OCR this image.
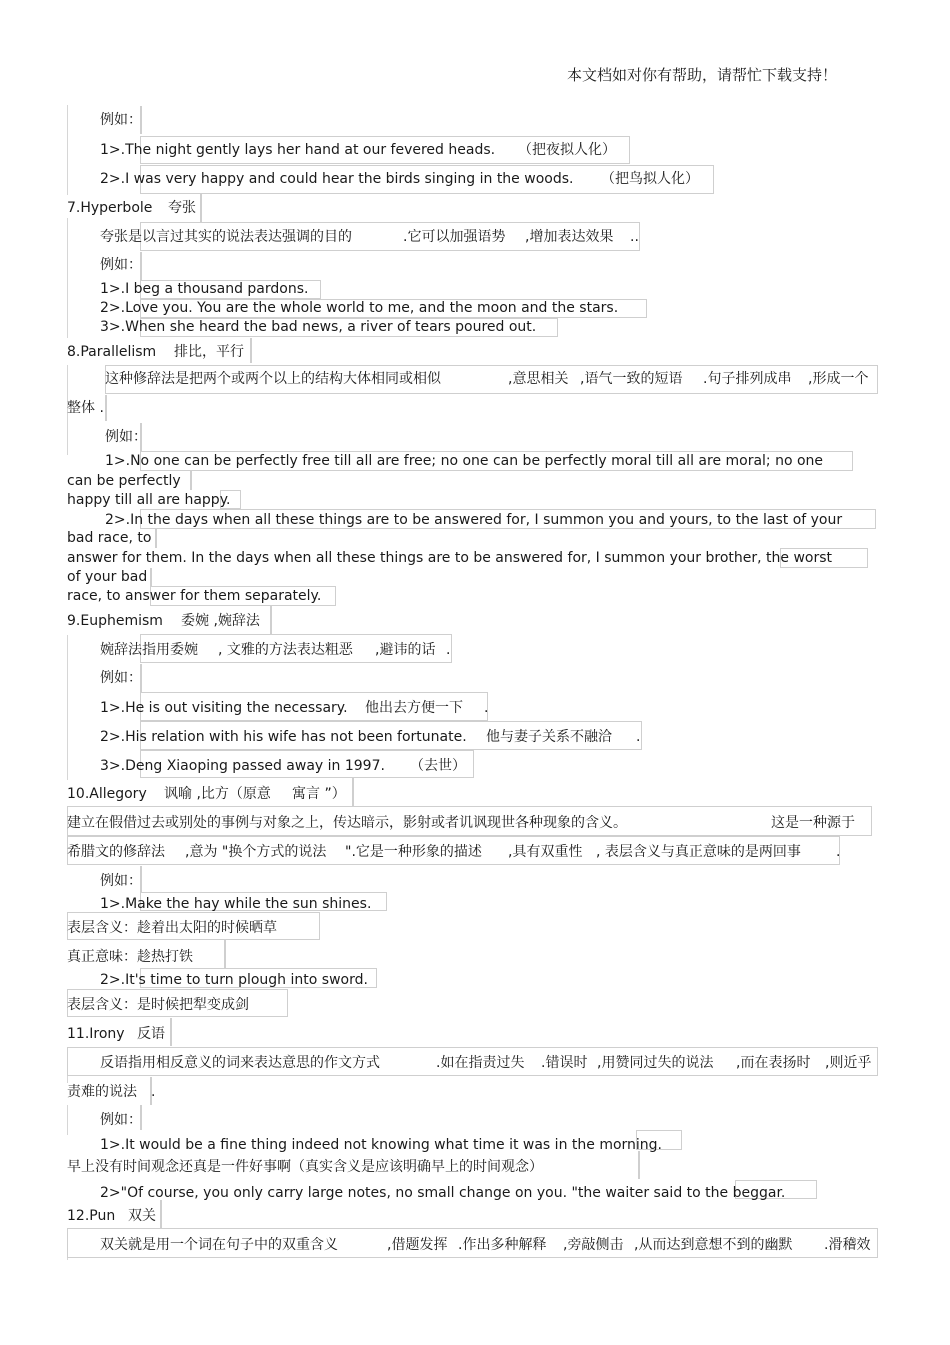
本文档如对你有帮助，请帮忙下载支持！
例如：
1>.The night gently lays her hand at our fevered heads. （把夜拟人化）
2>.I was very happy and could hear the birds singing in the woods. （把鸟拟人化）
7.Hyperbole 夸张
夸张是以言过其实的说法表达强调的目的	.它可以加强语势 ,增加表达效果 ..
例如：
1>.I beg a thousand pardons.
2>.Love you. You are the whole world to me, and the moon and the stars.
3>.When she heard the bad news, a river of tears poured out.
8.Parallelism 排比，平行
这种修辞法是把两个或两个以上的结构大体相同或相似	,意思相关 ,语气一致的短语 .句子排列成串 ,形成一个
整体 .
例如：
1>.No one can be perfectly free till all are free; no one can be perfectly moral till all are moral; no one
can be perfectly
happy till all are happy.
2>.In the days when all these things are to be answered for, I summon you and yours, to the last of your
bad race, to
answer for them. In the days when all these things are to be answered for, I summon your brother, the worst
of your bad
race, to answer for them separately.
9.Euphemism 委婉 ,婉辞法
婉辞法指用委婉 , 文雅的方法表达粗恶 ,避讳的话 .
例如：
1>.He is out visiting the necessary. 他出去方便一下 .
2>.His relation with his wife has not been fortunate. 他与妻子关系不融洽 .
3>.Deng Xiaoping passed away in 1997. （去世）
10.Allegory 讽喻 ,比方（原意 寓言 ”）
建立在假借过去或别处的事例与对象之上，传达暗示，影射或者讥讽现世各种现象的含义。	这是一种源于
希腊文的修辞法 ,意为 "换个方式的说法 ".它是一种形象的描述 ,具有双重性 , 表层含义与真正意味的是两回事	.
例如：
1>.Make the hay while the sun shines.
表层含义：趁着出太阳的时候晒草
真正意味：趁热打铁
2>.It's time to turn plough into sword.
表层含义：是时候把犁变成剑
11.Irony 反语
反语指用相反意义的词来表达意思的作文方式	.如在指责过失 .错误时 ,用赞同过失的说法 ,而在表扬时 ,则近乎
责难的说法 .
例如：
1>.It would be a fine thing indeed not knowing what time it was in the morning.
早上没有时间观念还真是一件好事啊（真实含义是应该明确早上的时间观念）
2>"Of course, you only carry large notes, no small change on you. "the waiter said to the beggar.
12.Pun 双关
双关就是用一个词在句子中的双重含义	,借题发挥 .作出多种解释 ,旁敲侧击 ,从而达到意想不到的幽默 .滑稽效
